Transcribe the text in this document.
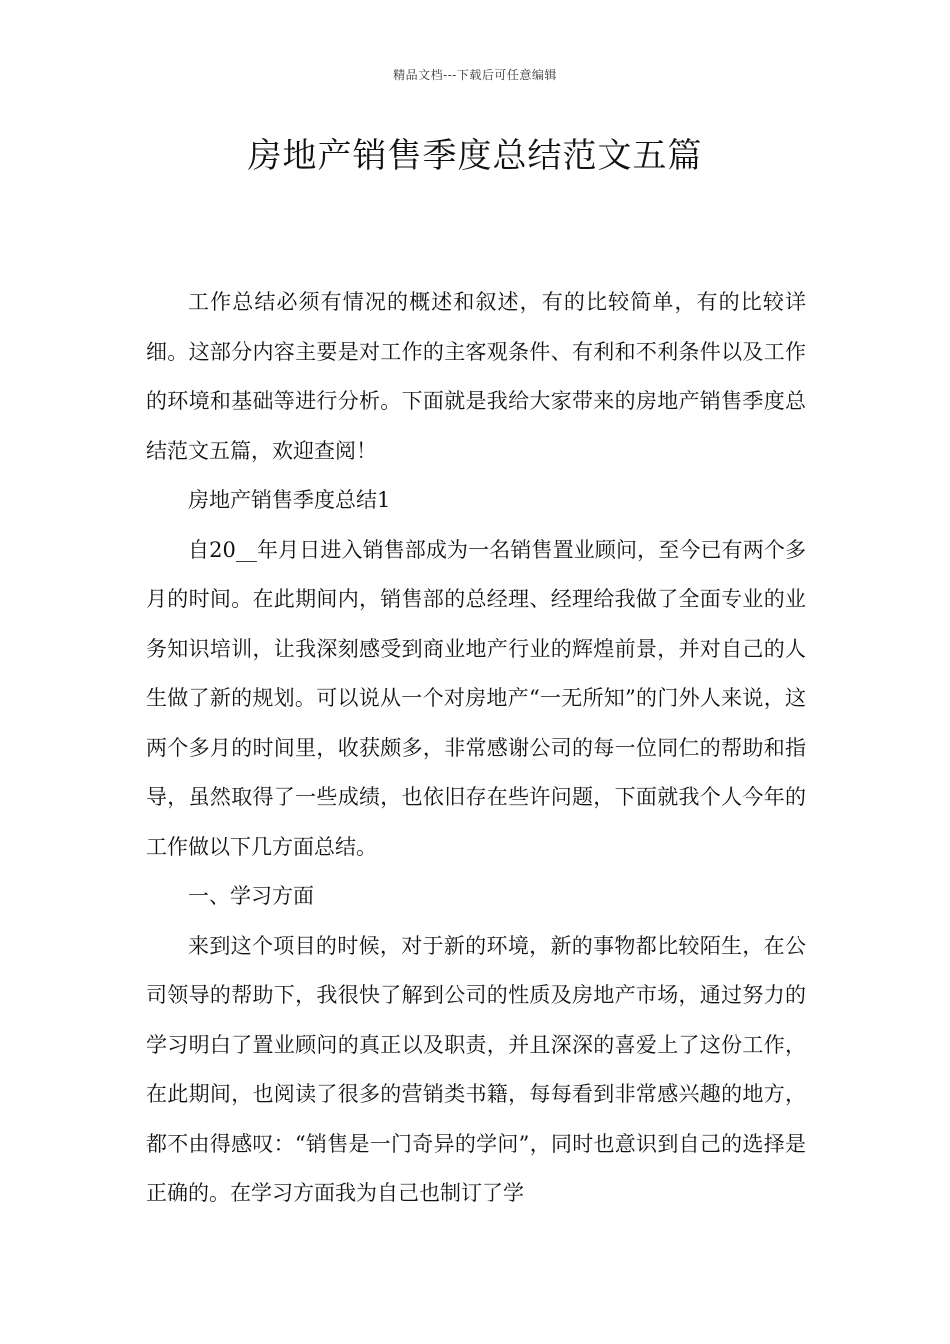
精品文档---下载后可任意编辑
房地产销售季度总结范文五篇

工作总结必须有情况的概述和叙述，有的比较简单，有的比较详细。这部分内容主要是对工作的主客观条件、有利和不利条件以及工作的环境和基础等进行分析。下面就是我给大家带来的房地产销售季度总结范文五篇，欢迎查阅！

房地产销售季度总结1

自20__年月日进入销售部成为一名销售置业顾问，至今已有两个多月的时间。在此期间内，销售部的总经理、经理给我做了全面专业的业务知识培训，让我深刻感受到商业地产行业的辉煌前景，并对自己的人生做了新的规划。可以说从一个对房地产“一无所知”的门外人来说，这两个多月的时间里，收获颇多，非常感谢公司的每一位同仁的帮助和指导，虽然取得了一些成绩，也依旧存在些许问题，下面就我个人今年的工作做以下几方面总结。

一、学习方面

来到这个项目的时候，对于新的环境，新的事物都比较陌生，在公司领导的帮助下，我很快了解到公司的性质及房地产市场，通过努力的学习明白了置业顾问的真正以及职责，并且深深的喜爱上了这份工作，在此期间，也阅读了很多的营销类书籍，每每看到非常感兴趣的地方，都不由得感叹：“销售是一门奇异的学问”，同时也意识到自己的选择是正确的。在学习方面我为自己也制订了学
